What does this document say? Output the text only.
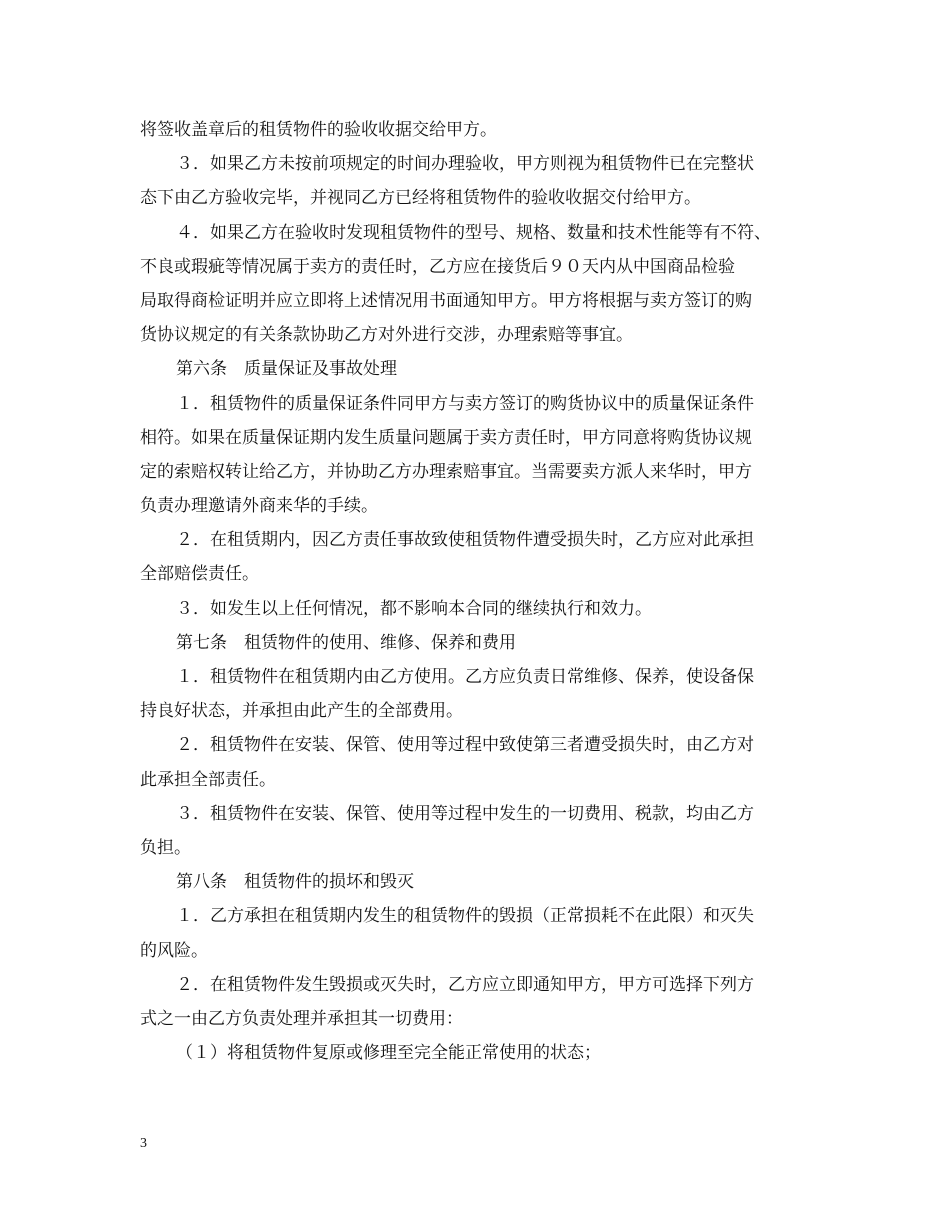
将签收盖章后的租赁物件的验收收据交给甲方。
３．如果乙方未按前项规定的时间办理验收，甲方则视为租赁物件已在完整状
态下由乙方验收完毕，并视同乙方已经将租赁物件的验收收据交付给甲方。
４．如果乙方在验收时发现租赁物件的型号、规格、数量和技术性能等有不符、
不良或瑕疵等情况属于卖方的责任时，乙方应在接货后９０天内从中国商品检验
局取得商检证明并应立即将上述情况用书面通知甲方。甲方将根据与卖方签订的购
货协议规定的有关条款协助乙方对外进行交涉，办理索赔等事宜。
第六条　质量保证及事故处理
１．租赁物件的质量保证条件同甲方与卖方签订的购货协议中的质量保证条件
相符。如果在质量保证期内发生质量问题属于卖方责任时，甲方同意将购货协议规
定的索赔权转让给乙方，并协助乙方办理索赔事宜。当需要卖方派人来华时，甲方
负责办理邀请外商来华的手续。
２．在租赁期内，因乙方责任事故致使租赁物件遭受损失时，乙方应对此承担
全部赔偿责任。
３．如发生以上任何情况，都不影响本合同的继续执行和效力。
第七条　租赁物件的使用、维修、保养和费用
１．租赁物件在租赁期内由乙方使用。乙方应负责日常维修、保养，使设备保
持良好状态，并承担由此产生的全部费用。
２．租赁物件在安装、保管、使用等过程中致使第三者遭受损失时，由乙方对
此承担全部责任。
３．租赁物件在安装、保管、使用等过程中发生的一切费用、税款，均由乙方
负担。
第八条　租赁物件的损坏和毁灭
１．乙方承担在租赁期内发生的租赁物件的毁损（正常损耗不在此限）和灭失
的风险。
２．在租赁物件发生毁损或灭失时，乙方应立即通知甲方，甲方可选择下列方
式之一由乙方负责处理并承担其一切费用：
（１）将租赁物件复原或修理至完全能正常使用的状态；
3
